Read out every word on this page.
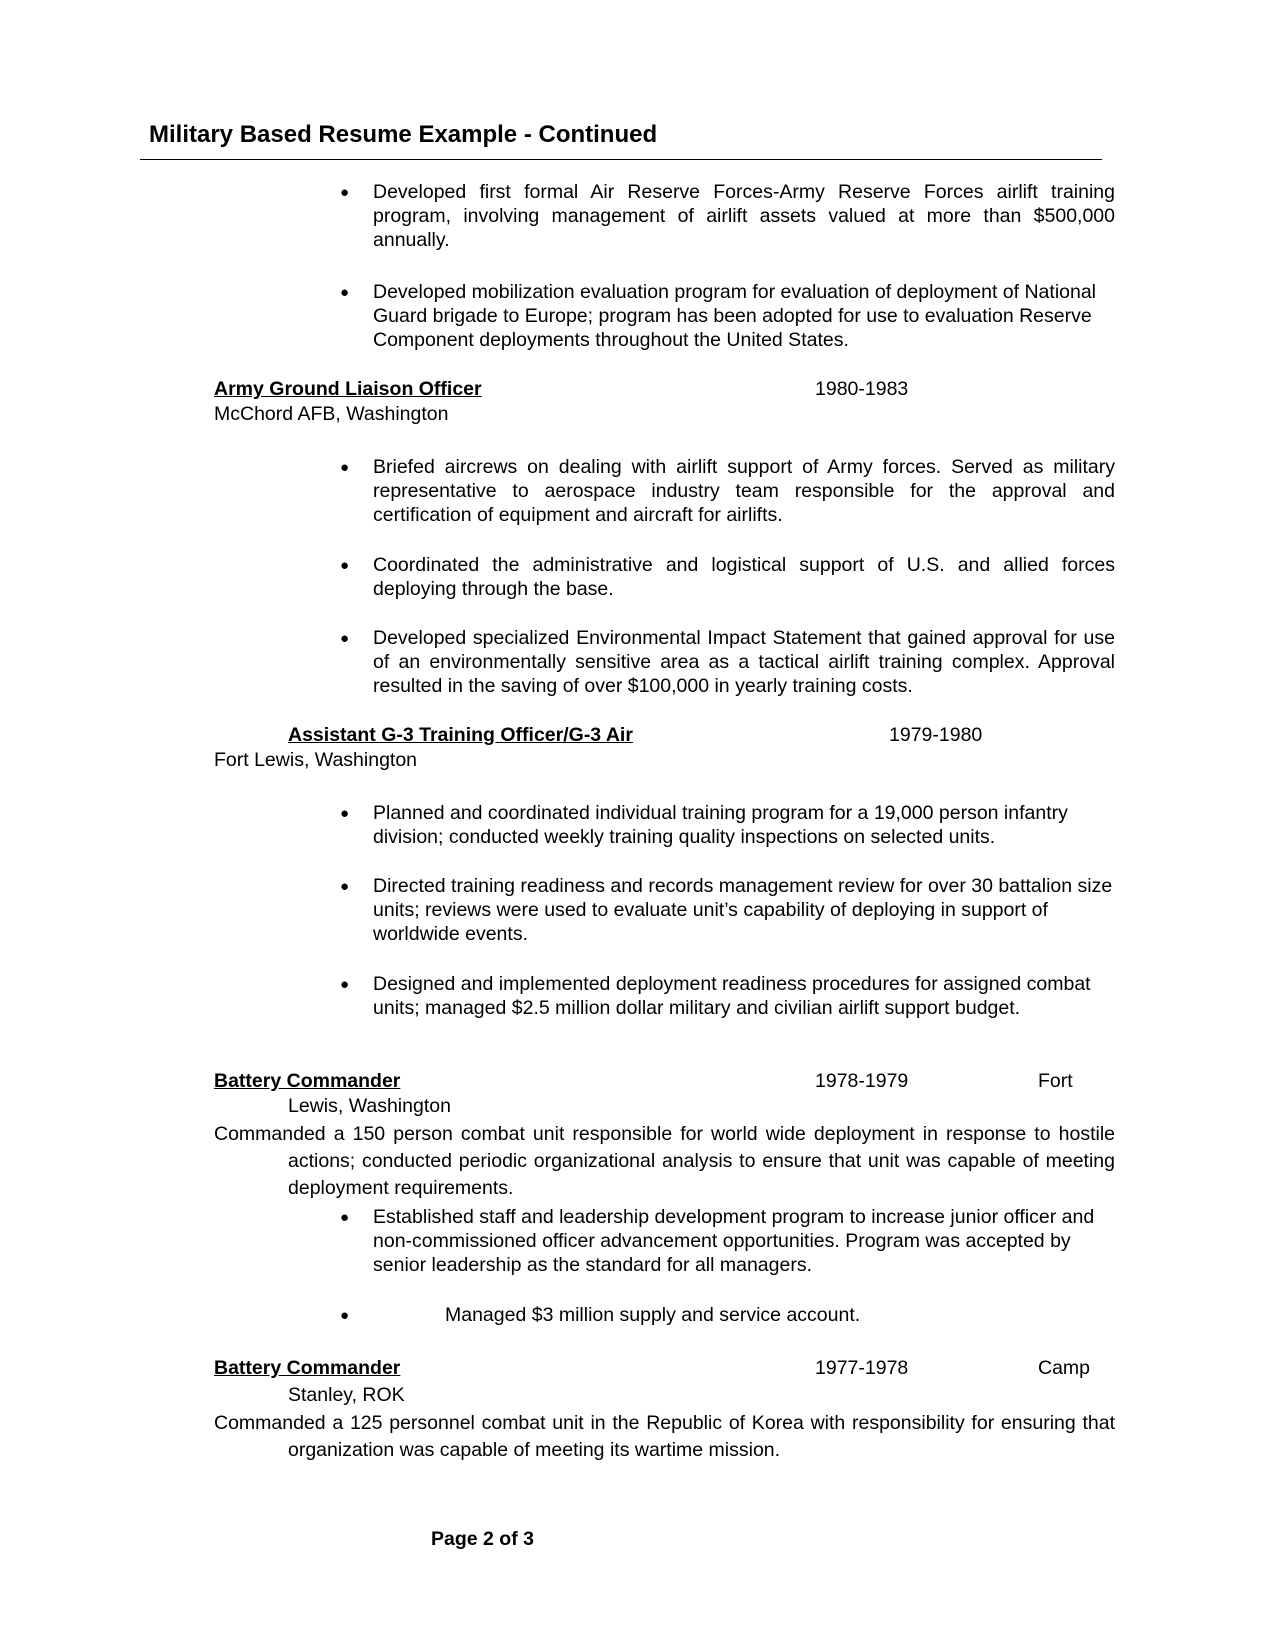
Military Based Resume Example - Continued
● Developed first formal Air Reserve Forces-Army Reserve Forces airlift training program, involving management of airlift assets valued at more than $500,000 annually.
● Developed mobilization evaluation program for evaluation of deployment of National Guard brigade to Europe; program has been adopted for use to evaluation Reserve Component deployments throughout the United States.
Army Ground Liaison Officer	1980-1983
McChord AFB, Washington
● Briefed aircrews on dealing with airlift support of Army forces. Served as military representative to aerospace industry team responsible for the approval and certification of equipment and aircraft for airlifts.
● Coordinated the administrative and logistical support of U.S. and allied forces deploying through the base.
● Developed specialized Environmental Impact Statement that gained approval for use of an environmentally sensitive area as a tactical airlift training complex. Approval resulted in the saving of over $100,000 in yearly training costs.
Assistant G-3 Training Officer/G-3 Air	1979-1980
Fort Lewis, Washington
● Planned and coordinated individual training program for a 19,000 person infantry division; conducted weekly training quality inspections on selected units.
● Directed training readiness and records management review for over 30 battalion size units; reviews were used to evaluate unit’s capability of deploying in support of worldwide events.
● Designed and implemented deployment readiness procedures for assigned combat units; managed $2.5 million dollar military and civilian airlift support budget.
Battery Commander	1978-1979	Fort
Lewis, Washington
Commanded a 150 person combat unit responsible for world wide deployment in response to hostile actions; conducted periodic organizational analysis to ensure that unit was capable of meeting deployment requirements.
● Established staff and leadership development program to increase junior officer and non-commissioned officer advancement opportunities. Program was accepted by senior leadership as the standard for all managers.
●	Managed $3 million supply and service account.
Battery Commander	1977-1978	Camp
Stanley, ROK
Commanded a 125 personnel combat unit in the Republic of Korea with responsibility for ensuring that organization was capable of meeting its wartime mission.
Page 2 of 3
